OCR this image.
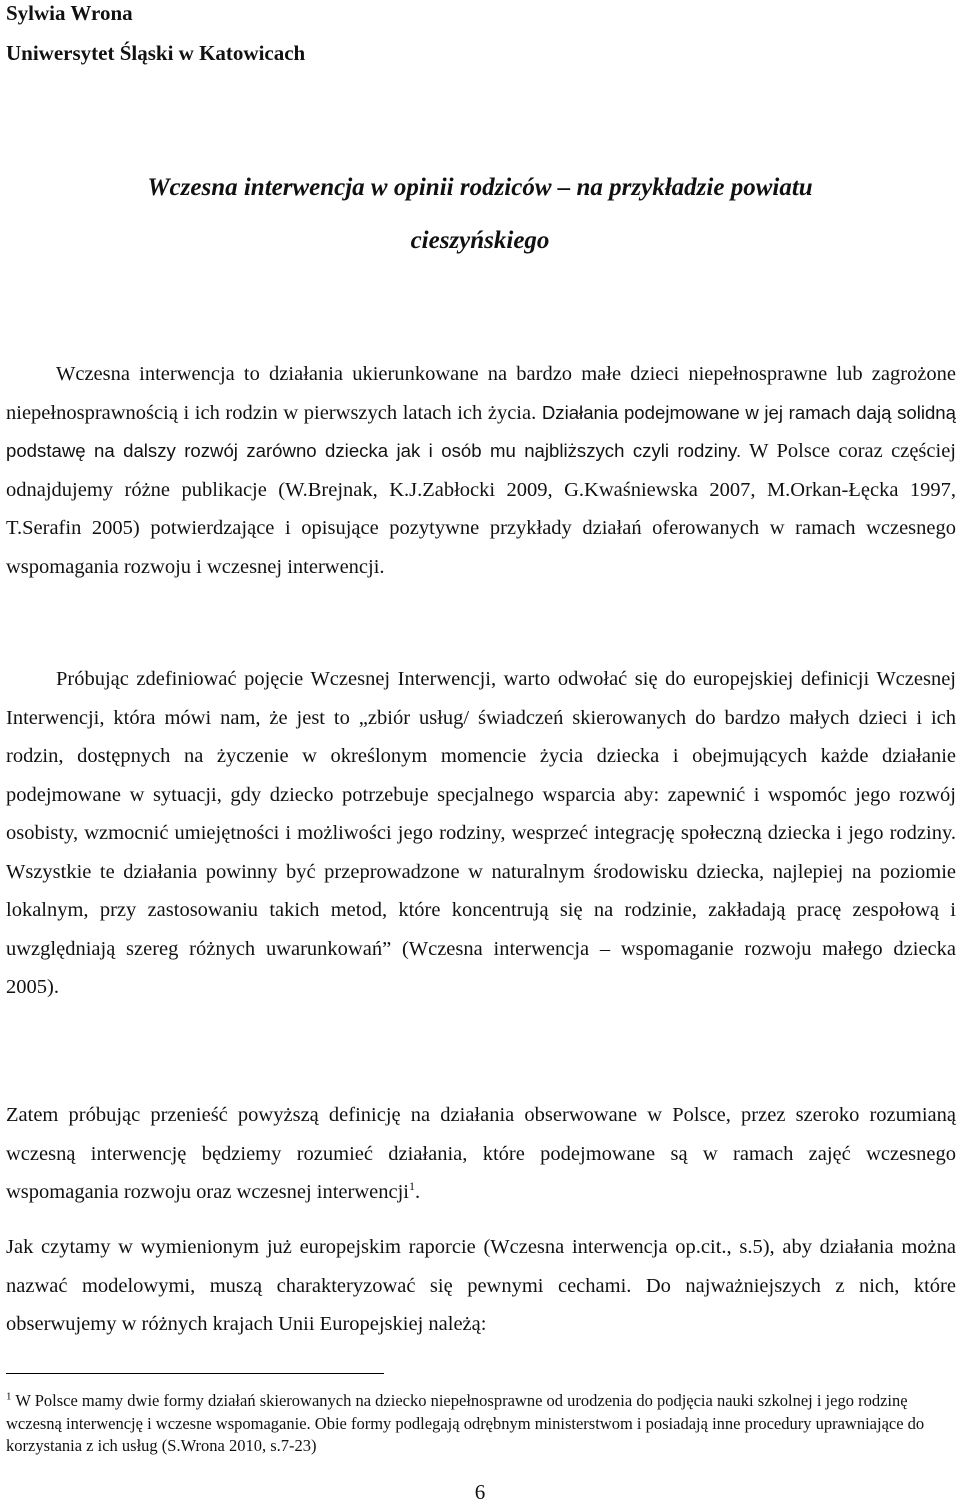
Sylwia Wrona
Uniwersytet Śląski w Katowicach
Wczesna interwencja w opinii rodziców – na przykładzie powiatu
cieszyńskiego
Wczesna interwencja to działania ukierunkowane na bardzo małe dzieci niepełnosprawne lub zagrożone niepełnosprawnością i ich rodzin w pierwszych latach ich życia. Działania podejmowane w jej ramach dają solidną podstawę na dalszy rozwój zarówno dziecka jak i osób mu najbliższych czyli rodziny. W Polsce coraz częściej odnajdujemy różne publikacje (W.Brejnak, K.J.Zabłocki 2009, G.Kwaśniewska 2007, M.Orkan-Łęcka 1997, T.Serafin 2005) potwierdzające i opisujące pozytywne przykłady działań oferowanych w ramach wczesnego wspomagania rozwoju i wczesnej interwencji.
Próbując zdefiniować pojęcie Wczesnej Interwencji, warto odwołać się do europejskiej definicji Wczesnej Interwencji, która mówi nam, że jest to „zbiór usług/ świadczeń skierowanych do bardzo małych dzieci i ich rodzin, dostępnych na życzenie w określonym momencie życia dziecka i obejmujących każde działanie podejmowane w sytuacji, gdy dziecko potrzebuje specjalnego wsparcia aby: zapewnić i wspomóc jego rozwój osobisty, wzmocnić umiejętności i możliwości jego rodziny, wesprzeć integrację społeczną dziecka i jego rodziny. Wszystkie te działania powinny być przeprowadzone w naturalnym środowisku dziecka, najlepiej na poziomie lokalnym, przy zastosowaniu takich metod, które koncentrują się na rodzinie, zakładają pracę zespołową i uwzględniają szereg różnych uwarunkowań” (Wczesna interwencja – wspomaganie rozwoju małego dziecka 2005).
Zatem próbując przenieść powyższą definicję na działania obserwowane w Polsce, przez szeroko rozumianą wczesną interwencję będziemy rozumieć działania, które podejmowane są w ramach zajęć wczesnego wspomagania rozwoju oraz wczesnej interwencji$^1$.
Jak czytamy w wymienionym już europejskim raporcie (Wczesna interwencja op.cit., s.5), aby działania można nazwać modelowymi, muszą charakteryzować się pewnymi cechami. Do najważniejszych z nich, które obserwujemy w różnych krajach Unii Europejskiej należą:
$^1$ W Polsce mamy dwie formy działań skierowanych na dziecko niepełnosprawne od urodzenia do podjęcia nauki szkolnej i jego rodzinę wczesną interwencję i wczesne wspomaganie. Obie formy podlegają odrębnym ministerstwom i posiadają inne procedury uprawniające do korzystania z ich usług (S.Wrona 2010, s.7-23)
6
